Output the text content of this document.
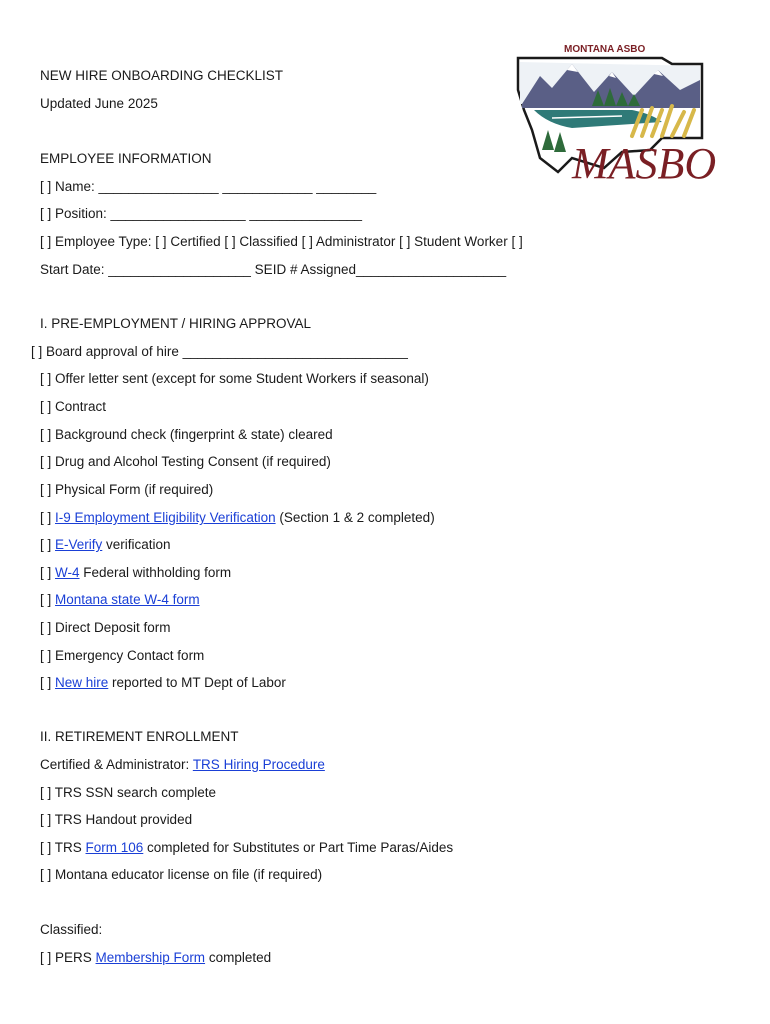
NEW HIRE ONBOARDING CHECKLIST
Updated June 2025
MONTANA ASBO
MASBO
EMPLOYEE INFORMATION
[ ] Name: ________________ ____________ ________
[ ] Position: __________________ _______________
[ ] Employee Type: [ ] Certified [ ] Classified [ ] Administrator [ ] Student Worker [ ]
Start Date: ___________________ SEID # Assigned____________________
I. PRE-EMPLOYMENT / HIRING APPROVAL
[ ] Board approval of hire ______________________________
[ ] Offer letter sent (except for some Student Workers if seasonal)
[ ] Contract
[ ] Background check (fingerprint & state) cleared
[ ] Drug and Alcohol Testing Consent (if required)
[ ] Physical Form (if required)
[ ] I-9 Employment Eligibility Verification (Section 1 & 2 completed)
[ ] E-Verify verification
[ ] W-4 Federal withholding form
[ ] Montana state W-4 form
[ ] Direct Deposit form
[ ] Emergency Contact form
[ ] New hire reported to MT Dept of Labor
II. RETIREMENT ENROLLMENT
Certified & Administrator: TRS Hiring Procedure
[ ] TRS SSN search complete
[ ] TRS Handout provided
[ ] TRS Form 106 completed for Substitutes or Part Time Paras/Aides
[ ] Montana educator license on file (if required)
Classified:
[ ] PERS Membership Form completed
